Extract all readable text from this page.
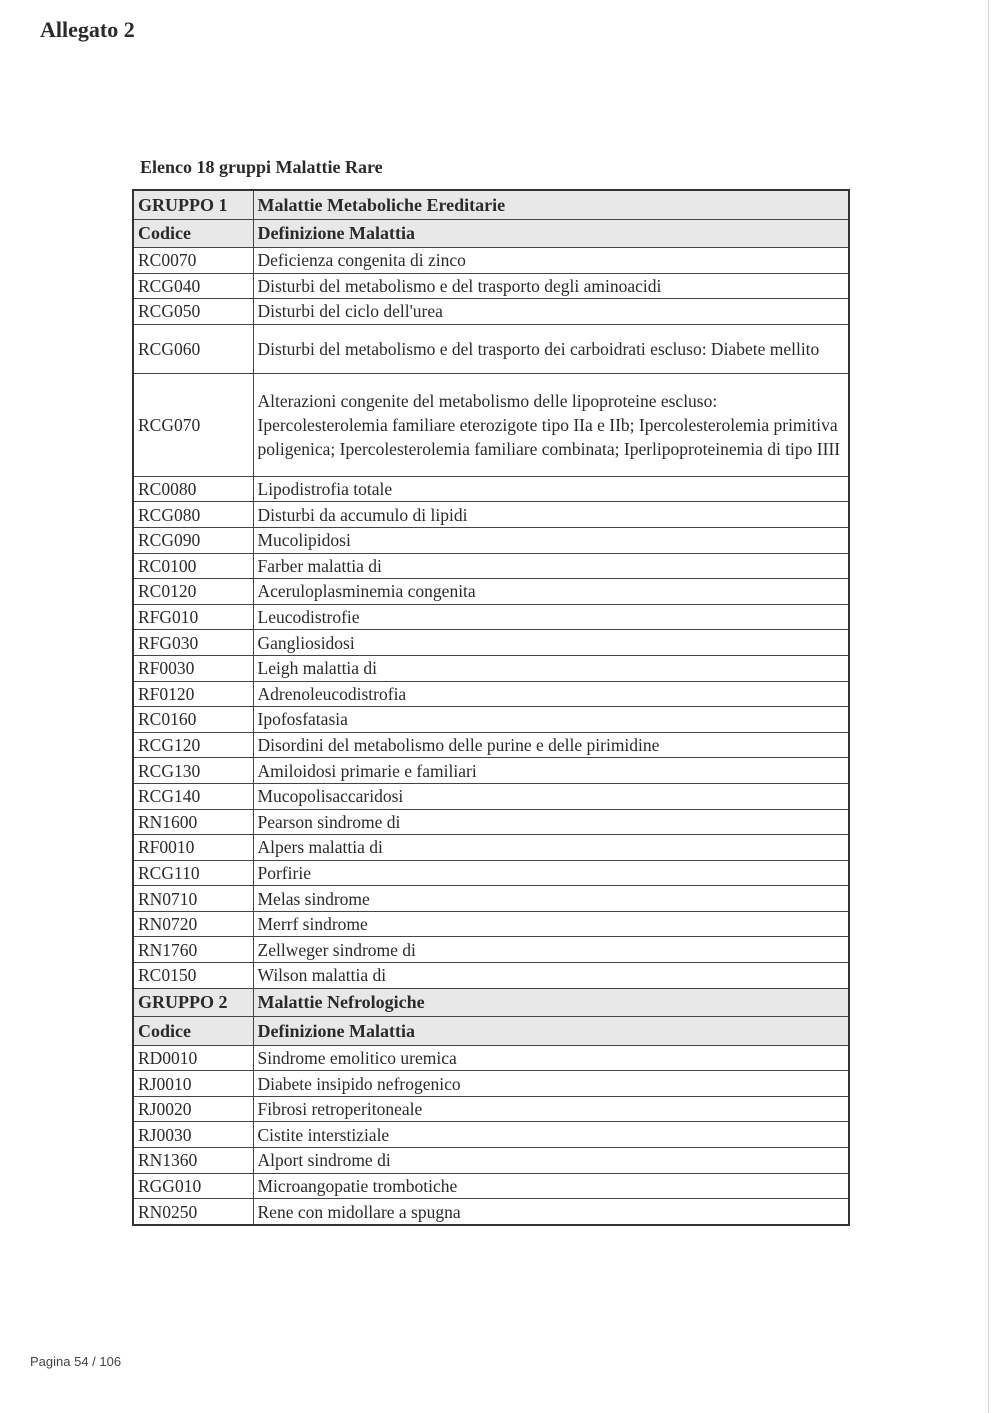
Allegato 2
Elenco 18 gruppi Malattie Rare
GRUPPO 1	Malattie Metaboliche Ereditarie
Codice	Definizione Malattia
RC0070	Deficienza congenita di zinco
RCG040	Disturbi del metabolismo e del trasporto degli aminoacidi
RCG050	Disturbi del ciclo dell'urea
RCG060	Disturbi del metabolismo e del trasporto dei carboidrati escluso: Diabete mellito
RCG070	Alterazioni congenite del metabolismo delle lipoproteine escluso: Ipercolesterolemia familiare eterozigote tipo IIa e IIb; Ipercolesterolemia primitiva poligenica; Ipercolesterolemia familiare combinata; Iperlipoproteinemia di tipo IIII
RC0080	Lipodistrofia totale
RCG080	Disturbi da accumulo di lipidi
RCG090	Mucolipidosi
RC0100	Farber malattia di
RC0120	Aceruloplasminemia congenita
RFG010	Leucodistrofie
RFG030	Gangliosidosi
RF0030	Leigh malattia di
RF0120	Adrenoleucodistrofia
RC0160	Ipofosfatasia
RCG120	Disordini del metabolismo delle purine e delle pirimidine
RCG130	Amiloidosi primarie e familiari
RCG140	Mucopolisaccaridosi
RN1600	Pearson sindrome di
RF0010	Alpers malattia di
RCG110	Porfirie
RN0710	Melas sindrome
RN0720	Merrf sindrome
RN1760	Zellweger sindrome di
RC0150	Wilson malattia di
GRUPPO 2	Malattie Nefrologiche
Codice	Definizione Malattia
RD0010	Sindrome emolitico uremica
RJ0010	Diabete insipido nefrogenico
RJ0020	Fibrosi retroperitoneale
RJ0030	Cistite interstiziale
RN1360	Alport sindrome di
RGG010	Microangopatie trombotiche
RN0250	Rene con midollare a spugna
Pagina 54 / 106
